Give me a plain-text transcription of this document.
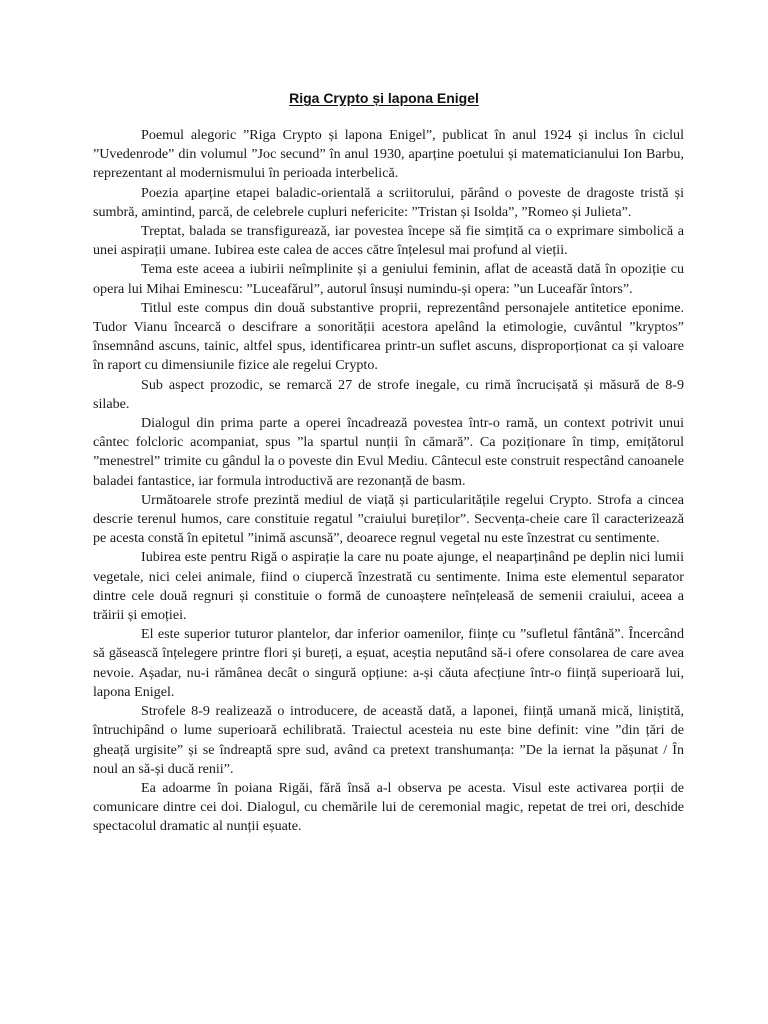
Riga Crypto și lapona Enigel

Poemul alegoric ”Riga Crypto și lapona Enigel”, publicat în anul 1924 și inclus în ciclul ”Uvedenrode” din volumul ”Joc secund” în anul 1930, aparține poetului și matematicianului Ion Barbu, reprezentant al modernismului în perioada interbelică.

Poezia aparține etapei baladic-orientală a scriitorului, părând o poveste de dragoste tristă și sumbră, amintind, parcă, de celebrele cupluri nefericite: ”Tristan și Isolda”, ”Romeo și Julieta”.

Treptat, balada se transfigurează, iar povestea începe să fie simțită ca o exprimare simbolică a unei aspirații umane. Iubirea este calea de acces către înțelesul mai profund al vieții.

Tema este aceea a iubirii neîmplinite și a geniului feminin, aflat de această dată în opoziție cu opera lui Mihai Eminescu: ”Luceafărul”, autorul însuși numindu-și opera: ”un Luceafăr întors”.

Titlul este compus din două substantive proprii, reprezentând personajele antitetice eponime. Tudor Vianu încearcă o descifrare a sonorității acestora apelând la etimologie, cuvântul ”kryptos” însemnând ascuns, tainic, altfel spus, identificarea printr-un suflet ascuns, disproporționat ca și valoare în raport cu dimensiunile fizice ale regelui Crypto.

Sub aspect prozodic, se remarcă 27 de strofe inegale, cu rimă încrucișată și măsură de 8-9 silabe.

Dialogul din prima parte a operei încadrează povestea într-o ramă, un context potrivit unui cântec folcloric acompaniat, spus ”la spartul nunții în cămară”. Ca poziționare în timp, emițătorul ”menestrel” trimite cu gândul la o poveste din Evul Mediu. Cântecul este construit respectând canoanele baladei fantastice, iar formula introductivă are rezonanță de basm.

Următoarele strofe prezintă mediul de viață și particularitățile regelui Crypto. Strofa a cincea descrie terenul humos, care constituie regatul ”craiului bureților”. Secvența-cheie care îl caracterizează pe acesta constă în epitetul ”inimă ascunsă”, deoarece regnul vegetal nu este înzestrat cu sentimente.

Iubirea este pentru Rigă o aspirație la care nu poate ajunge, el neaparținând pe deplin nici lumii vegetale, nici celei animale, fiind o ciupercă înzestrată cu sentimente. Inima este elementul separator dintre cele două regnuri și constituie o formă de cunoaștere neînțeleasă de semenii craiului, aceea a trăirii și emoției.

El este superior tuturor plantelor, dar inferior oamenilor, ființe cu ”sufletul fântână”. Încercând să găsească înțelegere printre flori și bureți, a eșuat, aceștia neputând să-i ofere consolarea de care avea nevoie. Așadar, nu-i rămânea decât o singură opțiune: a-și căuta afecțiune într-o ființă superioară lui, lapona Enigel.

Strofele 8-9 realizează o introducere, de această dată, a laponei, ființă umană mică, liniștită, întruchipând o lume superioară echilibrată. Traiectul acesteia nu este bine definit: vine ”din țări de gheață urgisite” și se îndreaptă spre sud, având ca pretext transhumanța: ”De la iernat la pășunat / În noul an să-și ducă renii”.

Ea adoarme în poiana Rigăi, fără însă a-l observa pe acesta. Visul este activarea porții de comunicare dintre cei doi. Dialogul, cu chemările lui de ceremonial magic, repetat de trei ori, deschide spectacolul dramatic al nunții eșuate.
